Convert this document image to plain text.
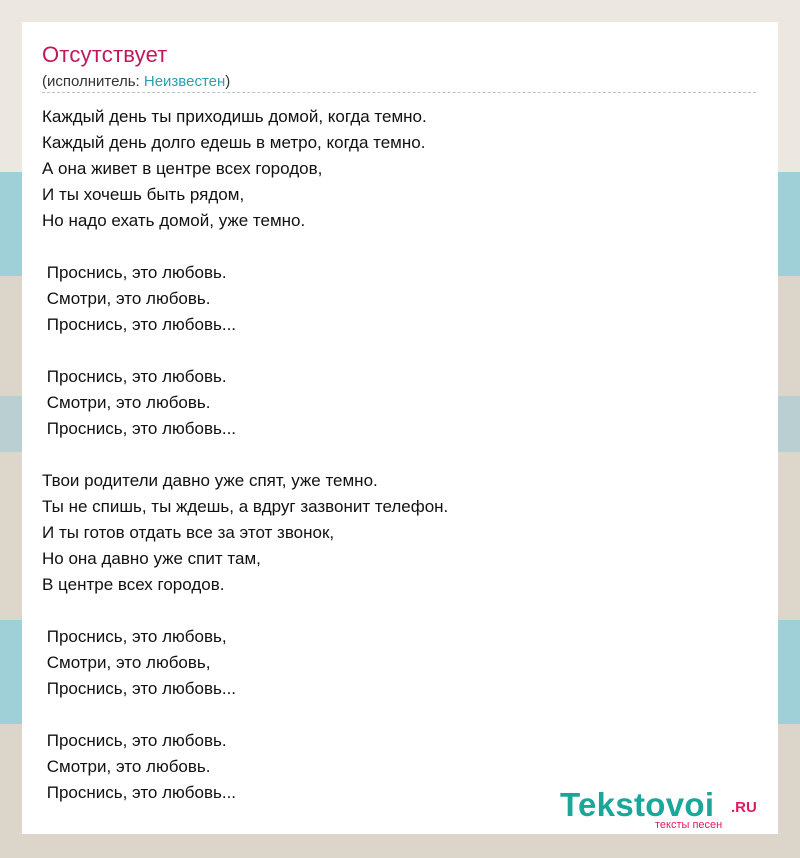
Отсутствует
(исполнитель: Неизвестен)
Каждый день ты приходишь домой, когда темно.
Каждый день долго едешь в метро, когда темно.
А она живет в центре всех городов,
И ты хочешь быть рядом,
Но надо ехать домой, уже темно.
Проснись, это любовь.
Смотри, это любовь.
Проснись, это любовь...
Проснись, это любовь.
Смотри, это любовь.
Проснись, это любовь...
Твои родители давно уже спят, уже темно.
Ты не спишь, ты ждешь, а вдруг зазвонит телефон.
И ты готов отдать все за этот звонок,
Но она давно уже спит там,
В центре всех городов.
Проснись, это любовь,
Смотри, это любовь,
Проснись, это любовь...
Проснись, это любовь.
Смотри, это любовь.
Проснись, это любовь...	Tekstovoi .RU
тексты песен
